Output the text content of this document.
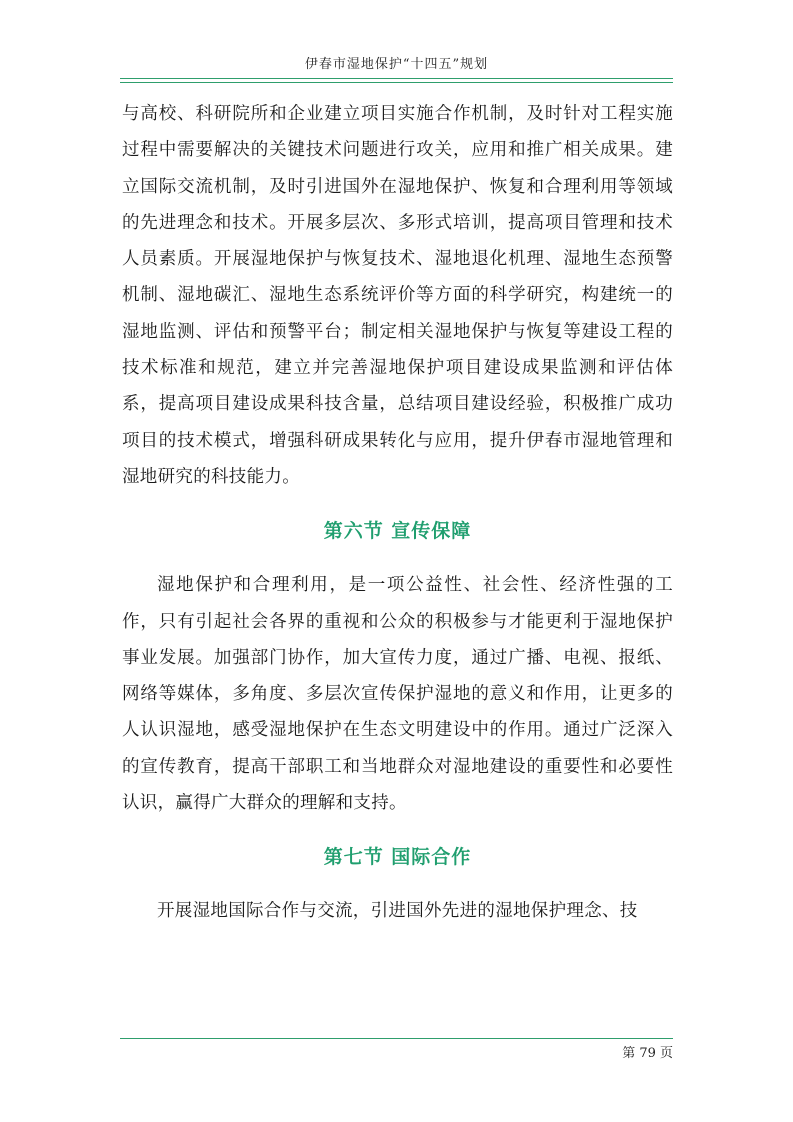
伊春市湿地保护“十四五”规划

与高校、科研院所和企业建立项目实施合作机制，及时针对工程实施过程中需要解决的关键技术问题进行攻关，应用和推广相关成果。建立国际交流机制，及时引进国外在湿地保护、恢复和合理利用等领域的先进理念和技术。开展多层次、多形式培训，提高项目管理和技术人员素质。开展湿地保护与恢复技术、湿地退化机理、湿地生态预警机制、湿地碳汇、湿地生态系统评价等方面的科学研究，构建统一的湿地监测、评估和预警平台；制定相关湿地保护与恢复等建设工程的技术标准和规范，建立并完善湿地保护项目建设成果监测和评估体系，提高项目建设成果科技含量，总结项目建设经验，积极推广成功项目的技术模式，增强科研成果转化与应用，提升伊春市湿地管理和湿地研究的科技能力。

第六节 宣传保障

湿地保护和合理利用，是一项公益性、社会性、经济性强的工作，只有引起社会各界的重视和公众的积极参与才能更利于湿地保护事业发展。加强部门协作，加大宣传力度，通过广播、电视、报纸、网络等媒体，多角度、多层次宣传保护湿地的意义和作用，让更多的人认识湿地，感受湿地保护在生态文明建设中的作用。通过广泛深入的宣传教育，提高干部职工和当地群众对湿地建设的重要性和必要性认识，赢得广大群众的理解和支持。

第七节 国际合作

开展湿地国际合作与交流，引进国外先进的湿地保护理念、技

第 79 页
